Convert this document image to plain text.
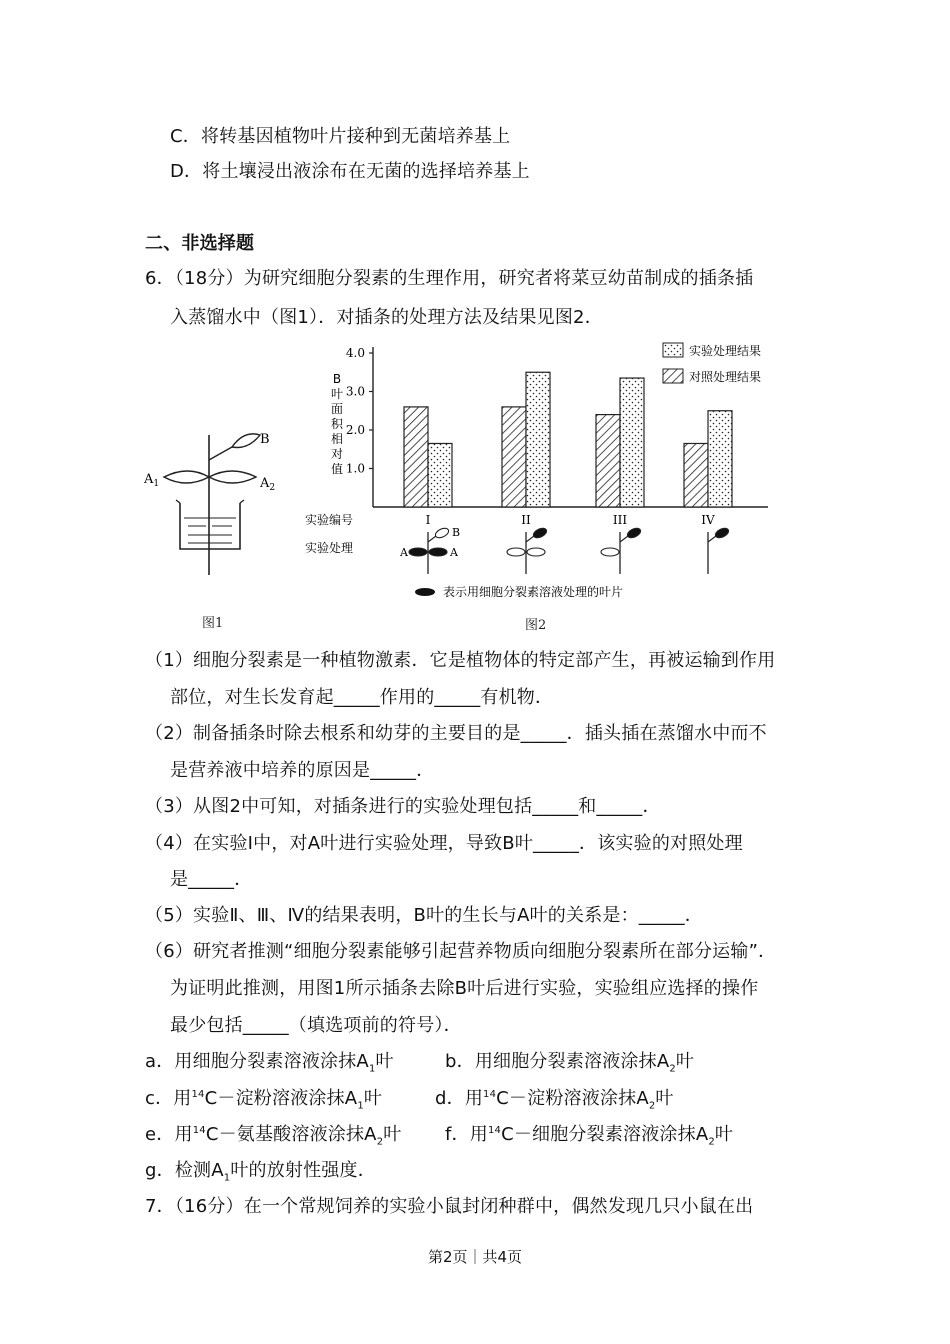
C．将转基因植物叶片接种到无菌培养基上
D．将土壤浸出液涂布在无菌的选择培养基上
二、非选择题
6．（18分）为研究细胞分裂素的生理作用，研究者将菜豆幼苗制成的插条插
入蒸馏水中（图1）．对插条的处理方法及结果见图2．
B
$A_1$	$A_2$
图1
1.0
2.0
3.0
4.0
B
叶
面
积
相
对
值
实验编号
实验处理
I	II	III	IV
实验处理结果
对照处理结果
A	A
B
表示用细胞分裂素溶液处理的叶片
图2
（1）细胞分裂素是一种植物激素．它是植物体的特定部产生，再被运输到作用
部位，对生长发育起_____作用的_____有机物．
（2）制备插条时除去根系和幼芽的主要目的是_____．插头插在蒸馏水中而不
是营养液中培养的原因是_____．
（3）从图2中可知，对插条进行的实验处理包括_____和_____．
（4）在实验Ⅰ中，对A叶进行实验处理，导致B叶_____．该实验的对照处理
是_____．
（5）实验Ⅱ、Ⅲ、Ⅳ的结果表明，B叶的生长与A叶的关系是：_____．
（6）研究者推测“细胞分裂素能够引起营养物质向细胞分裂素所在部分运输”．
为证明此推测，用图1所示插条去除B叶后进行实验，实验组应选择的操作
最少包括_____（填选项前的符号）．
a．用细胞分裂素溶液涂抹$A_1$叶	b．用细胞分裂素溶液涂抹$A_2$叶
c．用$^{14}$C－淀粉溶液涂抹$A_1$叶	d．用$^{14}$C－淀粉溶液涂抹$A_2$叶
e．用$^{14}$C－氨基酸溶液涂抹$A_2$叶 f．用$^{14}$C－细胞分裂素溶液涂抹$A_2$叶
g．检测$A_1$叶的放射性强度．
7．（16分）在一个常规饲养的实验小鼠封闭种群中，偶然发现几只小鼠在出
第2页｜共4页
